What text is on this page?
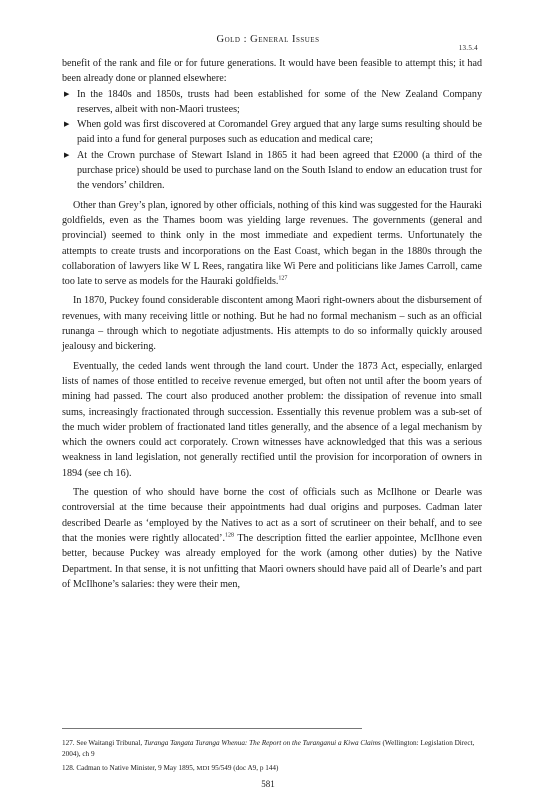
Gold : General Issues
13.5.4

benefit of the rank and file or for future generations. It would have been feasible to attempt this; it had been already done or planned elsewhere:

▶ In the 1840s and 1850s, trusts had been established for some of the New Zealand Company reserves, albeit with non-Maori trustees;
▶ When gold was first discovered at Coromandel Grey argued that any large sums resulting should be paid into a fund for general purposes such as education and medical care;
▶ At the Crown purchase of Stewart Island in 1865 it had been agreed that £2000 (a third of the purchase price) should be used to purchase land on the South Island to endow an education trust for the vendors’ children.

Other than Grey’s plan, ignored by other officials, nothing of this kind was suggested for the Hauraki goldfields, even as the Thames boom was yielding large revenues. The governments (general and provincial) seemed to think only in the most immediate and expedient terms. Unfortunately the attempts to create trusts and incorporations on the East Coast, which began in the 1880s through the collaboration of lawyers like W L Rees, rangatira like Wi Pere and politicians like James Carroll, came too late to serve as models for the Hauraki goldfields.$^{127}$

In 1870, Puckey found considerable discontent among Maori right-owners about the disbursement of revenues, with many receiving little or nothing. But he had no formal mechanism – such as an official runanga – through which to negotiate adjustments. His attempts to do so informally quickly aroused jealousy and bickering.

Eventually, the ceded lands went through the land court. Under the 1873 Act, especially, enlarged lists of names of those entitled to receive revenue emerged, but often not until after the boom years of mining had passed. The court also produced another problem: the dissipation of revenue into small sums, increasingly fractionated through succession. Essentially this revenue problem was a sub-set of the much wider problem of fractionated land titles generally, and the absence of a legal mechanism by which the owners could act corporately. Crown witnesses have acknowledged that this was a serious weakness in land legislation, not generally rectified until the provision for incorporation of owners in 1894 (see ch 16).

The question of who should have borne the cost of officials such as McIlhone or Dearle was controversial at the time because their appointments had dual origins and purposes. Cadman later described Dearle as ‘employed by the Natives to act as a sort of scrutineer on their behalf, and to see that the monies were rightly allocated’.$^{128}$ The description fitted the earlier appointee, McIlhone even better, because Puckey was already employed for the work (among other duties) by the Native Department. In that sense, it is not unfitting that Maori owners should have paid all of Dearle’s and part of McIlhone’s salaries: they were their men,

127. See Waitangi Tribunal, Turanga Tangata Turanga Whenua: The Report on the Turanganui a Kiwa Claims (Wellington: Legislation Direct, 2004), ch 9

128. Cadman to Native Minister, 9 May 1895, MDI 95/549 (doc A9, p 144)

581
